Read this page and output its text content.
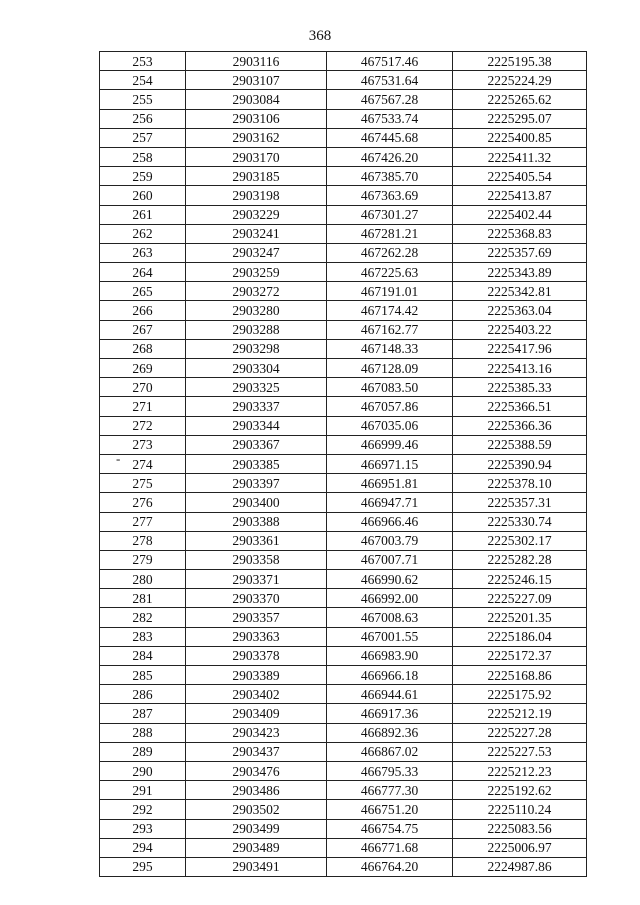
368
-
253	2903116	467517.46	2225195.38
254	2903107	467531.64	2225224.29
255	2903084	467567.28	2225265.62
256	2903106	467533.74	2225295.07
257	2903162	467445.68	2225400.85
258	2903170	467426.20	2225411.32
259	2903185	467385.70	2225405.54
260	2903198	467363.69	2225413.87
261	2903229	467301.27	2225402.44
262	2903241	467281.21	2225368.83
263	2903247	467262.28	2225357.69
264	2903259	467225.63	2225343.89
265	2903272	467191.01	2225342.81
266	2903280	467174.42	2225363.04
267	2903288	467162.77	2225403.22
268	2903298	467148.33	2225417.96
269	2903304	467128.09	2225413.16
270	2903325	467083.50	2225385.33
271	2903337	467057.86	2225366.51
272	2903344	467035.06	2225366.36
273	2903367	466999.46	2225388.59
274	2903385	466971.15	2225390.94
275	2903397	466951.81	2225378.10
276	2903400	466947.71	2225357.31
277	2903388	466966.46	2225330.74
278	2903361	467003.79	2225302.17
279	2903358	467007.71	2225282.28
280	2903371	466990.62	2225246.15
281	2903370	466992.00	2225227.09
282	2903357	467008.63	2225201.35
283	2903363	467001.55	2225186.04
284	2903378	466983.90	2225172.37
285	2903389	466966.18	2225168.86
286	2903402	466944.61	2225175.92
287	2903409	466917.36	2225212.19
288	2903423	466892.36	2225227.28
289	2903437	466867.02	2225227.53
290	2903476	466795.33	2225212.23
291	2903486	466777.30	2225192.62
292	2903502	466751.20	2225110.24
293	2903499	466754.75	2225083.56
294	2903489	466771.68	2225006.97
295	2903491	466764.20	2224987.86
